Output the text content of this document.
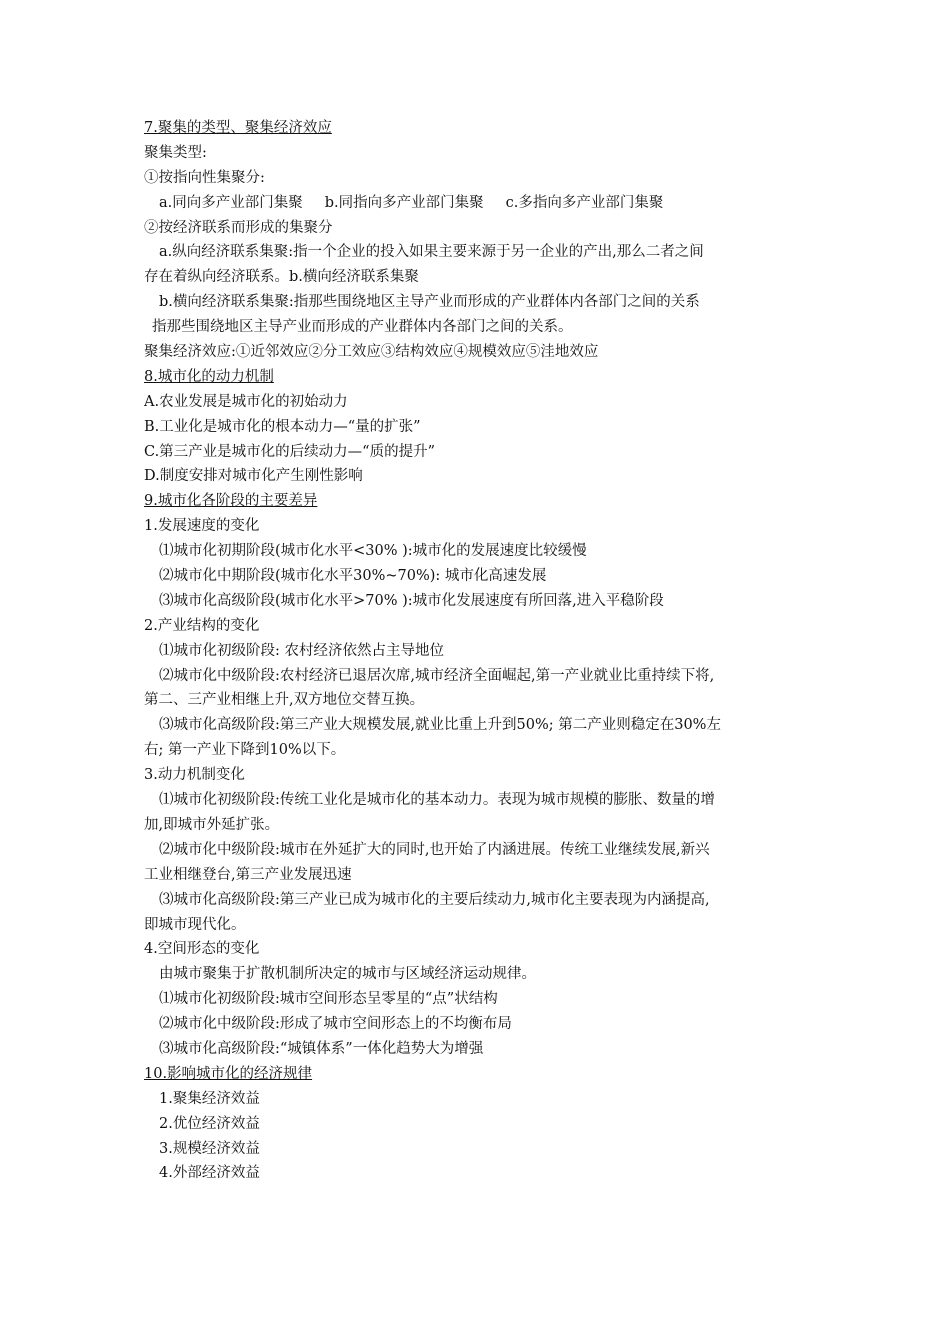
7.聚集的类型、聚集经济效应
聚集类型:
①按指向性集聚分:
a.同向多产业部门集聚 b.同指向多产业部门集聚 c.多指向多产业部门集聚
②按经济联系而形成的集聚分
a.纵向经济联系集聚:指一个企业的投入如果主要来源于另一企业的产出,那么二者之间
存在着纵向经济联系。b.横向经济联系集聚
b.横向经济联系集聚:指那些围绕地区主导产业而形成的产业群体内各部门之间的关系
指那些围绕地区主导产业而形成的产业群体内各部门之间的关系。
聚集经济效应:①近邻效应②分工效应③结构效应④规模效应⑤洼地效应
8.城市化的动力机制
A.农业发展是城市化的初始动力
B.工业化是城市化的根本动力—“量的扩张”
C.第三产业是城市化的后续动力—“质的提升”
D.制度安排对城市化产生刚性影响
9.城市化各阶段的主要差异
1.发展速度的变化
⑴城市化初期阶段(城市化水平<30% ):城市化的发展速度比较缓慢
⑵城市化中期阶段(城市化水平30%~70%): 城市化高速发展
⑶城市化高级阶段(城市化水平>70% ):城市化发展速度有所回落,进入平稳阶段
2.产业结构的变化
⑴城市化初级阶段: 农村经济依然占主导地位
⑵城市化中级阶段:农村经济已退居次席,城市经济全面崛起,第一产业就业比重持续下将,
第二、三产业相继上升,双方地位交替互换。
⑶城市化高级阶段:第三产业大规模发展,就业比重上升到50%; 第二产业则稳定在30%左
右; 第一产业下降到10%以下。
3.动力机制变化
⑴城市化初级阶段:传统工业化是城市化的基本动力。表现为城市规模的膨胀、数量的增
加,即城市外延扩张。
⑵城市化中级阶段:城市在外延扩大的同时,也开始了内涵进展。传统工业继续发展,新兴
工业相继登台,第三产业发展迅速
⑶城市化高级阶段:第三产业已成为城市化的主要后续动力,城市化主要表现为内涵提高,
即城市现代化。
4.空间形态的变化
由城市聚集于扩散机制所决定的城市与区域经济运动规律。
⑴城市化初级阶段:城市空间形态呈零星的“点”状结构
⑵城市化中级阶段:形成了城市空间形态上的不均衡布局
⑶城市化高级阶段:“城镇体系”一体化趋势大为增强
10.影响城市化的经济规律
1.聚集经济效益
2.优位经济效益
3.规模经济效益
4.外部经济效益
